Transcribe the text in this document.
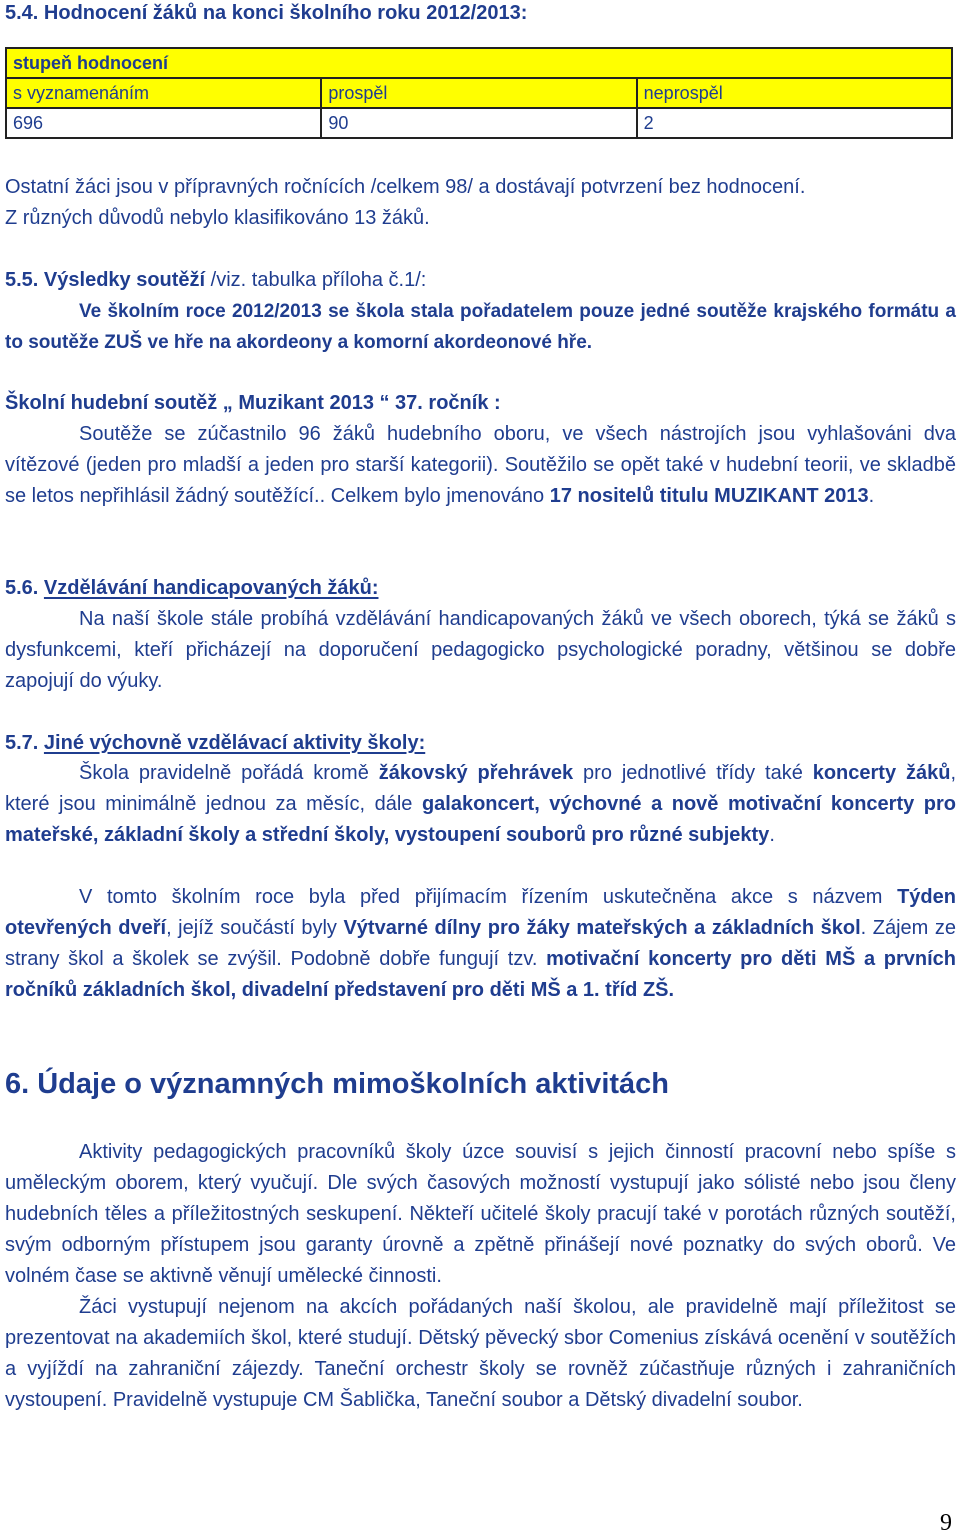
5.4. Hodnocení žáků na konci školního roku 2012/2013:

stupeň hodnocení		
s vyznamenáním	prospěl	neprospěl
696	90	2

Ostatní žáci jsou v přípravných ročnících /celkem 98/ a dostávají potvrzení bez hodnocení.

Z různých důvodů nebylo klasifikováno 13 žáků.

5.5. Výsledky soutěží /viz. tabulka příloha č.1/:

Ve školním roce 2012/2013 se škola stala pořadatelem pouze jedné soutěže krajského formátu a to soutěže ZUŠ ve hře na akordeony a komorní akordeonové hře.

Školní hudební soutěž „ Muzikant 2013 “ 37. ročník :

Soutěže se zúčastnilo 96 žáků hudebního oboru, ve všech nástrojích jsou vyhlašováni dva vítězové (jeden pro mladší a jeden pro starší kategorii). Soutěžilo se opět také v hudební teorii, ve skladbě se letos nepřihlásil žádný soutěžící.. Celkem bylo jmenováno 17 nositelů titulu MUZIKANT 2013.

5.6. Vzdělávání handicapovaných žáků:

Na naší škole stále probíhá vzdělávání handicapovaných žáků ve všech oborech, týká se žáků s dysfunkcemi, kteří přicházejí na doporučení pedagogicko psychologické poradny, většinou se dobře zapojují do výuky.

5.7. Jiné výchovně vzdělávací aktivity školy:

Škola pravidelně pořádá kromě žákovský přehrávek pro jednotlivé třídy také koncerty žáků, které jsou minimálně jednou za měsíc, dále galakoncert, výchovné a nově motivační koncerty pro mateřské, základní školy a střední školy, vystoupení souborů pro různé subjekty.

V tomto školním roce byla před přijímacím řízením uskutečněna akce s názvem Týden otevřených dveří, jejíž součástí byly Výtvarné dílny pro žáky mateřských a základních škol. Zájem ze strany škol a školek se zvýšil. Podobně dobře fungují tzv. motivační koncerty pro děti MŠ a prvních ročníků základních škol, divadelní představení pro děti MŠ a 1. tříd ZŠ.

6. Údaje o významných mimoškolních aktivitách

Aktivity pedagogických pracovníků školy úzce souvisí s jejich činností pracovní nebo spíše s uměleckým oborem, který vyučují. Dle svých časových možností vystupují jako sólisté nebo jsou členy hudebních těles a příležitostných seskupení. Někteří učitelé školy pracují také v porotách různých soutěží, svým odborným přístupem jsou garanty úrovně a zpětně přinášejí nové poznatky do svých oborů. Ve volném čase se aktivně věnují umělecké činnosti.

Žáci vystupují nejenom na akcích pořádaných naší školou, ale pravidelně mají příležitost se prezentovat na akademiích škol, které studují. Dětský pěvecký sbor Comenius získává ocenění v soutěžích a vyjíždí na zahraniční zájezdy. Taneční orchestr školy se rovněž zúčastňuje různých i zahraničních vystoupení. Pravidelně vystupuje CM Šablička, Taneční soubor a Dětský divadelní soubor.

9
